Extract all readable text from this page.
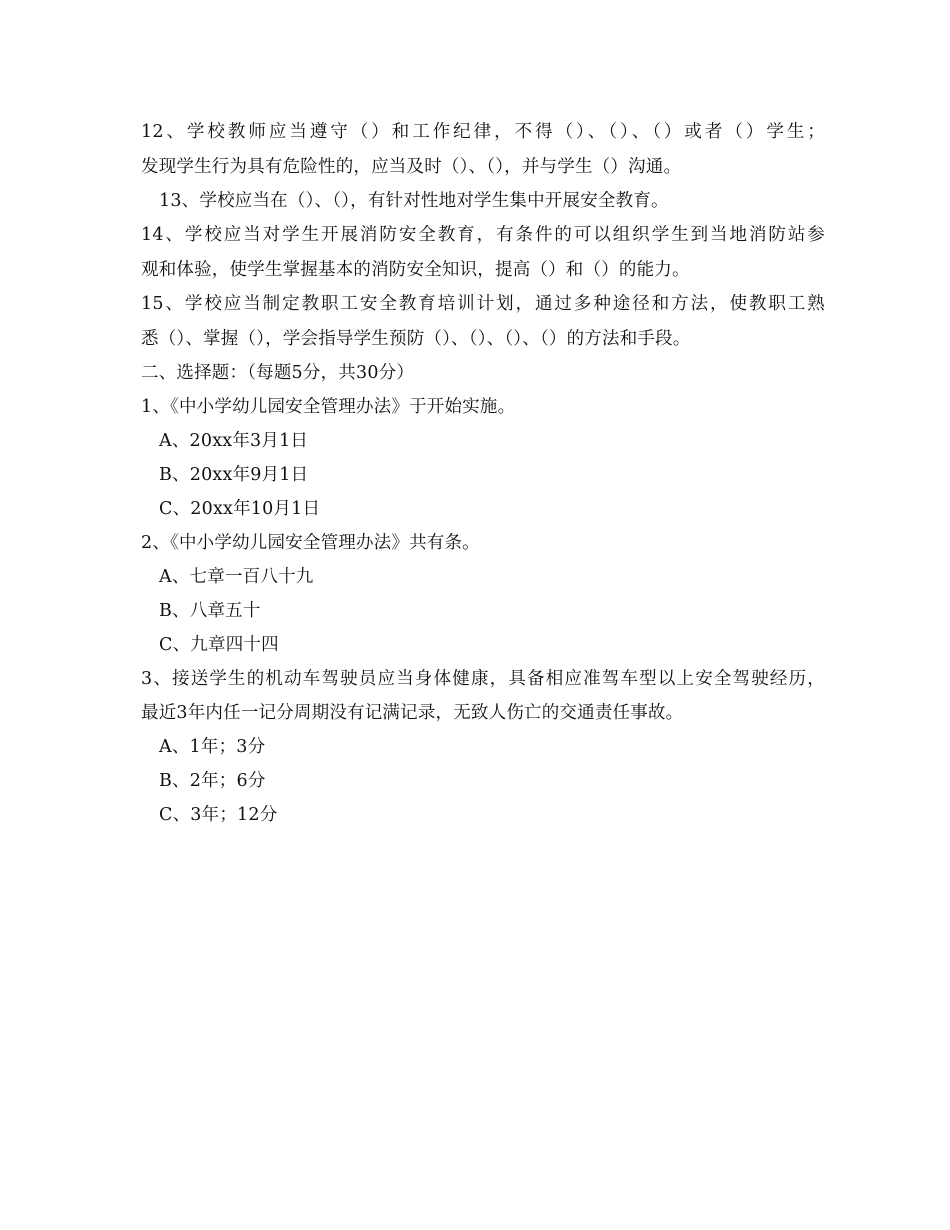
12、学校教师应当遵守（）和工作纪律，不得（）、（）、（）或者（）学生；
发现学生行为具有危险性的，应当及时（）、（），并与学生（）沟通。
13、学校应当在（）、（），有针对性地对学生集中开展安全教育。
14、学校应当对学生开展消防安全教育，有条件的可以组织学生到当地消防站参
观和体验，使学生掌握基本的消防安全知识，提高（）和（）的能力。
15、学校应当制定教职工安全教育培训计划，通过多种途径和方法，使教职工熟
悉（）、掌握（），学会指导学生预防（）、（）、（）、（）的方法和手段。
二、选择题：（每题5分，共30分）
1、《中小学幼儿园安全管理办法》于开始实施。
A、20xx年3月1日
B、20xx年9月1日
C、20xx年10月1日
2、《中小学幼儿园安全管理办法》共有条。
A、七章一百八十九
B、八章五十
C、九章四十四
3、接送学生的机动车驾驶员应当身体健康，具备相应准驾车型以上安全驾驶经历，
最近3年内任一记分周期没有记满记录，无致人伤亡的交通责任事故。
A、1年；3分
B、2年；6分
C、3年；12分
